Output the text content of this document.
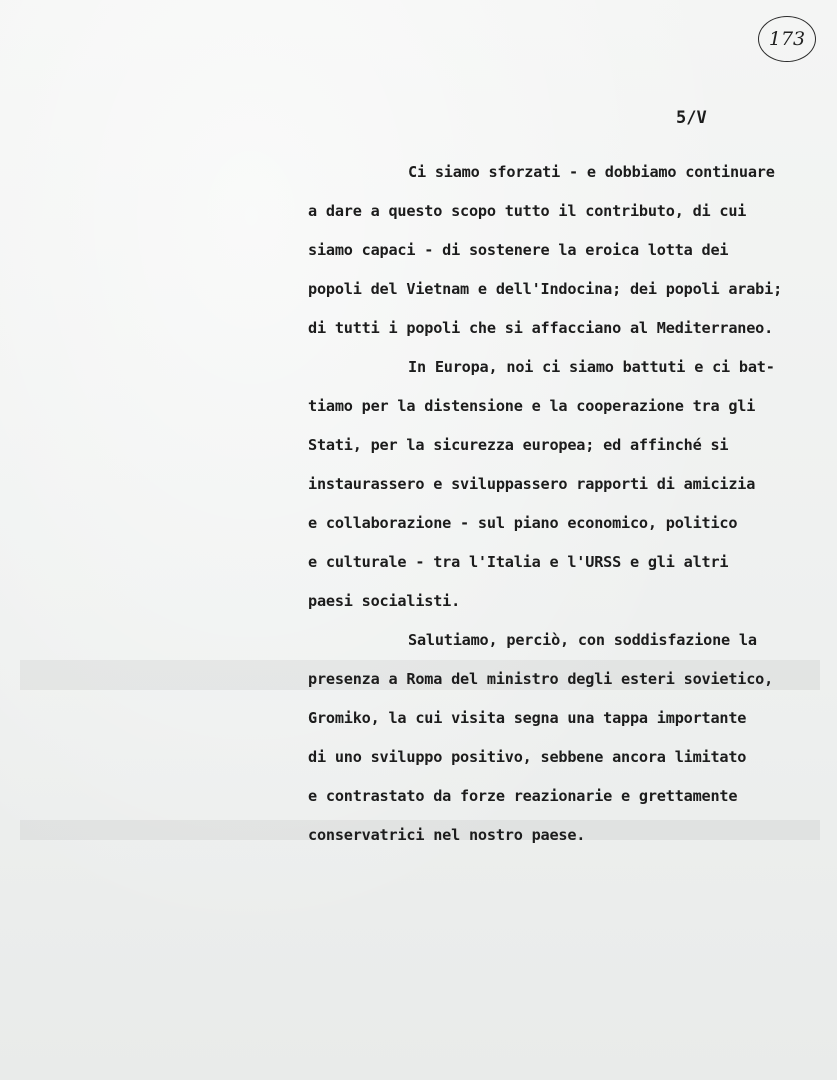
173
5/V
Ci siamo sforzati - e dobbiamo continuare
a dare a questo scopo tutto il contributo, di cui
siamo capaci - di sostenere la eroica lotta dei
popoli del Vietnam e dell'Indocina; dei popoli arabi;
di tutti i popoli che si affacciano al Mediterraneo.
In Europa, noi ci siamo battuti e ci bat-
tiamo per la distensione e la cooperazione tra gli
Stati, per la sicurezza europea; ed affinché si
instaurassero e sviluppassero rapporti di amicizia
e collaborazione - sul piano economico, politico
e culturale - tra l'Italia e l'URSS e gli altri
paesi socialisti.
Salutiamo, perciò, con soddisfazione la
presenza a Roma del ministro degli esteri sovietico,
Gromiko, la cui visita segna una tappa importante
di uno sviluppo positivo, sebbene ancora limitato
e contrastato da forze reazionarie e grettamente
conservatrici nel nostro paese.
